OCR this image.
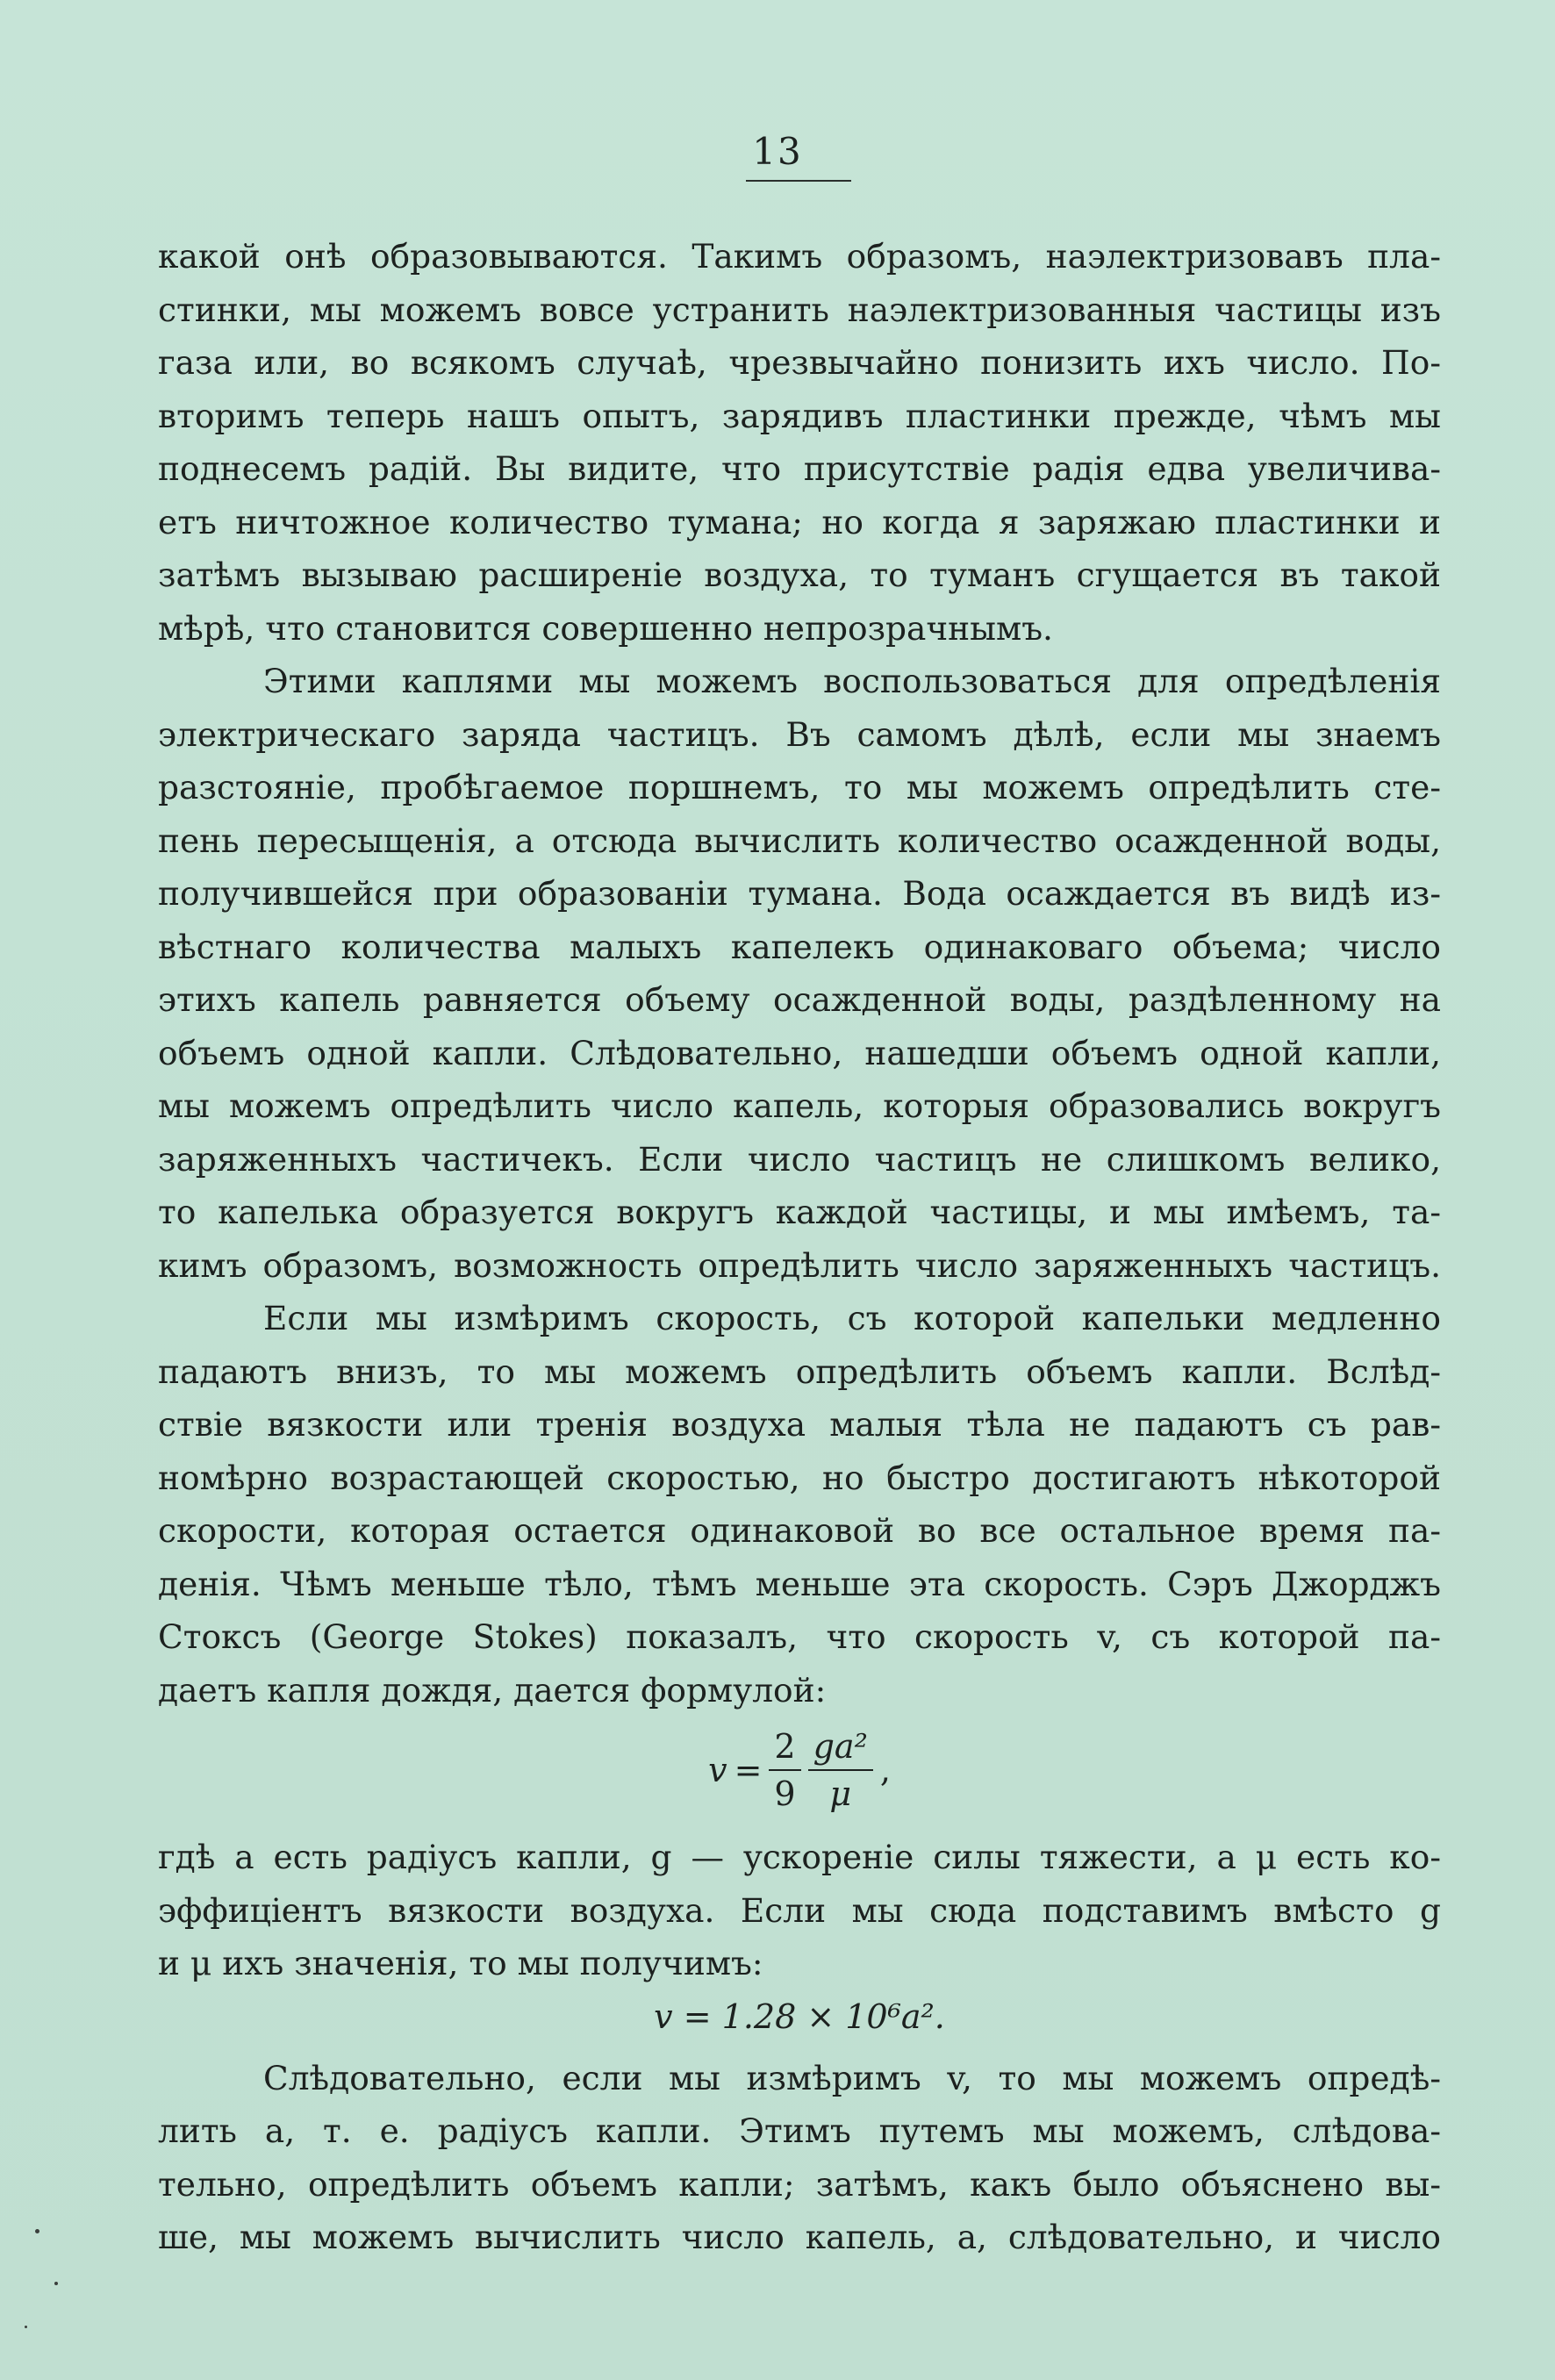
13
какой онѣ образовываются. Такимъ образомъ, наэлектризовавъ пла-
стинки, мы можемъ вовсе устранить наэлектризованныя частицы изъ
газа или, во всякомъ случаѣ, чрезвычайно понизить ихъ число. По-
вторимъ теперь нашъ опытъ, зарядивъ пластинки прежде, чѣмъ мы
поднесемъ радій. Вы видите, что присутствіе радія едва увеличива-
етъ ничтожное количество тумана; но когда я заряжаю пластинки и
затѣмъ вызываю расширеніе воздуха, то туманъ сгущается въ такой
мѣрѣ, что становится совершенно непрозрачнымъ.
Этими каплями мы можемъ воспользоваться для опредѣленія
электрическаго заряда частицъ. Въ самомъ дѣлѣ, если мы знаемъ
разстояніе, пробѣгаемое поршнемъ, то мы можемъ опредѣлить сте-
пень пересыщенія, а отсюда вычислить количество осажденной воды,
получившейся при образованіи тумана. Вода осаждается въ видѣ из-
вѣстнаго количества малыхъ капелекъ одинаковаго объема; число
этихъ капель равняется объему осажденной воды, раздѣленному на
объемъ одной капли. Слѣдовательно, нашедши объемъ одной капли,
мы можемъ опредѣлить число капель, которыя образовались вокругъ
заряженныхъ частичекъ. Если число частицъ не слишкомъ велико,
то капелька образуется вокругъ каждой частицы, и мы имѣемъ, та-
кимъ образомъ, возможность опредѣлить число заряженныхъ частицъ.
Если мы измѣримъ скорость, съ которой капельки медленно
падаютъ внизъ, то мы можемъ опредѣлить объемъ капли. Вслѣд-
ствіе вязкости или тренія воздуха малыя тѣла не падаютъ съ рав-
номѣрно возрастающей скоростью, но быстро достигаютъ нѣкоторой
скорости, которая остается одинаковой во все остальное время па-
денія. Чѣмъ меньше тѣло, тѣмъ меньше эта скорость. Сэръ Джорджъ
Стоксъ (George Stokes) показалъ, что скорость v, съ которой па-
даетъ капля дождя, дается формулой:
$v = \frac{2}{9} \frac{\text{ga²}}{\mu}$ ,
гдѣ a есть радіусъ капли, g — ускореніе силы тяжести, а μ есть ко-
эффиціентъ вязкости воздуха. Если мы сюда подставимъ вмѣсто g
и μ ихъ значенія, то мы получимъ:
v = 1.28 × 10⁶a².
Слѣдовательно, если мы измѣримъ v, то мы можемъ опредѣ-
лить a, т. е. радіусъ капли. Этимъ путемъ мы можемъ, слѣдова-
тельно, опредѣлить объемъ капли; затѣмъ, какъ было объяснено вы-
ше, мы можемъ вычислить число капель, а, слѣдовательно, и число
